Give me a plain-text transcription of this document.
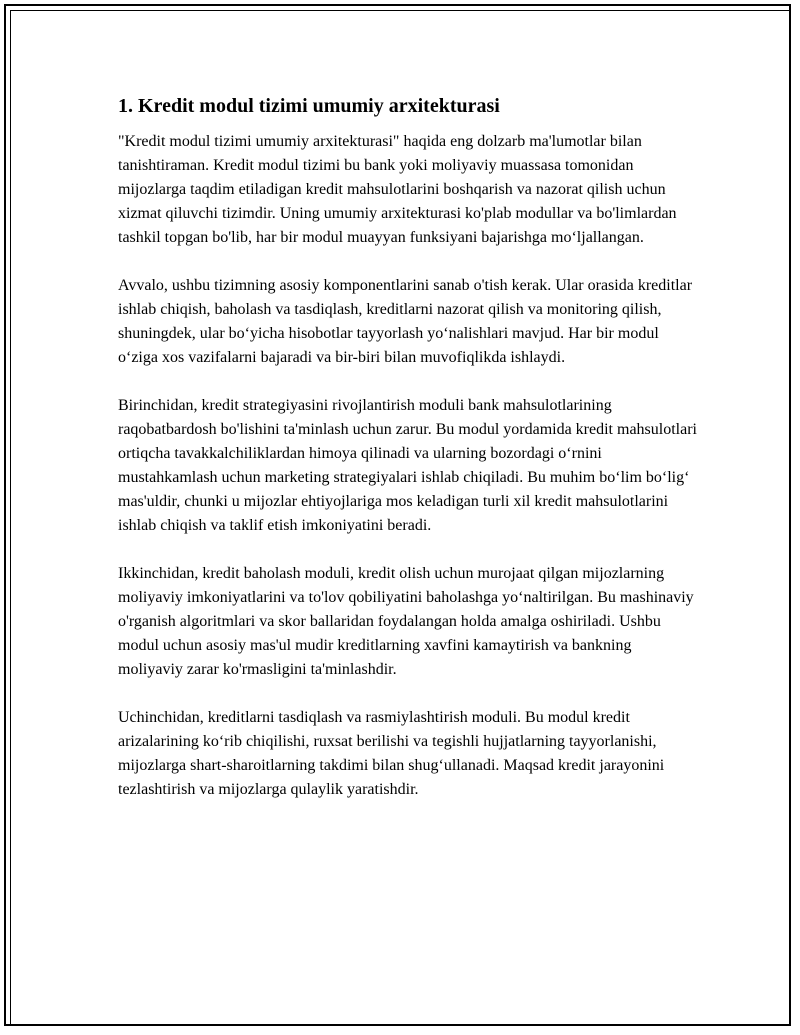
1. Kredit modul tizimi umumiy arxitekturasi

"Kredit modul tizimi umumiy arxitekturasi" haqida eng dolzarb ma'lumotlar bilan tanishtiraman. Kredit modul tizimi bu bank yoki moliyaviy muassasa tomonidan mijozlarga taqdim etiladigan kredit mahsulotlarini boshqarish va nazorat qilish uchun xizmat qiluvchi tizimdir. Uning umumiy arxitekturasi ko'plab modullar va bo'limlardan tashkil topgan bo'lib, har bir modul muayyan funksiyani bajarishga mo‘ljallangan.

Avvalo, ushbu tizimning asosiy komponentlarini sanab o'tish kerak. Ular orasida kreditlar ishlab chiqish, baholash va tasdiqlash, kreditlarni nazorat qilish va monitoring qilish, shuningdek, ular bo‘yicha hisobotlar tayyorlash yo‘nalishlari mavjud. Har bir modul o‘ziga xos vazifalarni bajaradi va bir-biri bilan muvofiqlikda ishlaydi.

Birinchidan, kredit strategiyasini rivojlantirish moduli bank mahsulotlarining raqobatbardosh bo'lishini ta'minlash uchun zarur. Bu modul yordamida kredit mahsulotlari ortiqcha tavakkalchiliklardan himoya qilinadi va ularning bozordagi o‘rnini mustahkamlash uchun marketing strategiyalari ishlab chiqiladi. Bu muhim bo‘lim bo‘lig‘ mas'uldir, chunki u mijozlar ehtiyojlariga mos keladigan turli xil kredit mahsulotlarini ishlab chiqish va taklif etish imkoniyatini beradi.

Ikkinchidan, kredit baholash moduli, kredit olish uchun murojaat qilgan mijozlarning moliyaviy imkoniyatlarini va to'lov qobiliyatini baholashga yo‘naltirilgan. Bu mashinaviy o'rganish algoritmlari va skor ballaridan foydalangan holda amalga oshiriladi. Ushbu modul uchun asosiy mas'ul mudir kreditlarning xavfini kamaytirish va bankning moliyaviy zarar ko'rmasligini ta'minlashdir.

Uchinchidan, kreditlarni tasdiqlash va rasmiylashtirish moduli. Bu modul kredit arizalarining ko‘rib chiqilishi, ruxsat berilishi va tegishli hujjatlarning tayyorlanishi, mijozlarga shart-sharoitlarning takdimi bilan shug‘ullanadi. Maqsad kredit jarayonini tezlashtirish va mijozlarga qulaylik yaratishdir.
